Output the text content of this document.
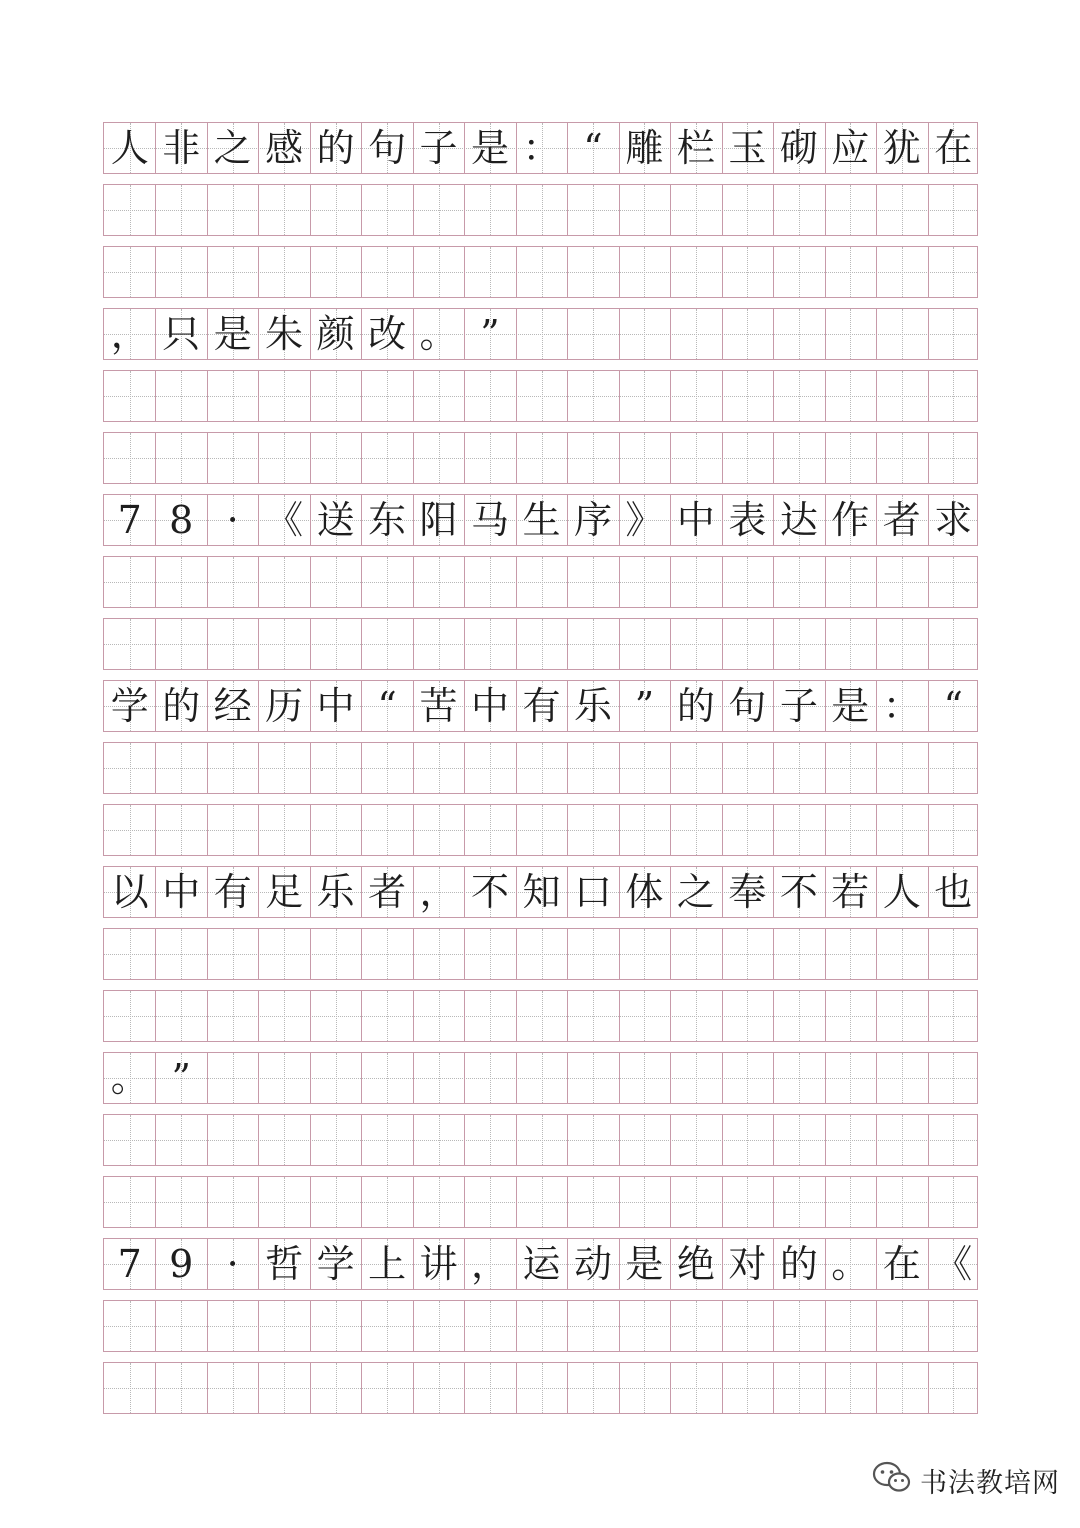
人 非 之 感 的 句 子 是 ： “ 雕 栏 玉 砌 应 犹 在
， 只 是 朱 颜 改 。 ”
7 8 · 《 送 东 阳 马 生 序 》 中 表 达 作 者 求
学 的 经 历 中 “ 苦 中 有 乐 ” 的 句 子 是 ： “
以 中 有 足 乐 者 ， 不 知 口 体 之 奉 不 若 人 也
。 ”
7 9 · 哲 学 上 讲 ， 运 动 是 绝 对 的 。 在 《
书法教培网
